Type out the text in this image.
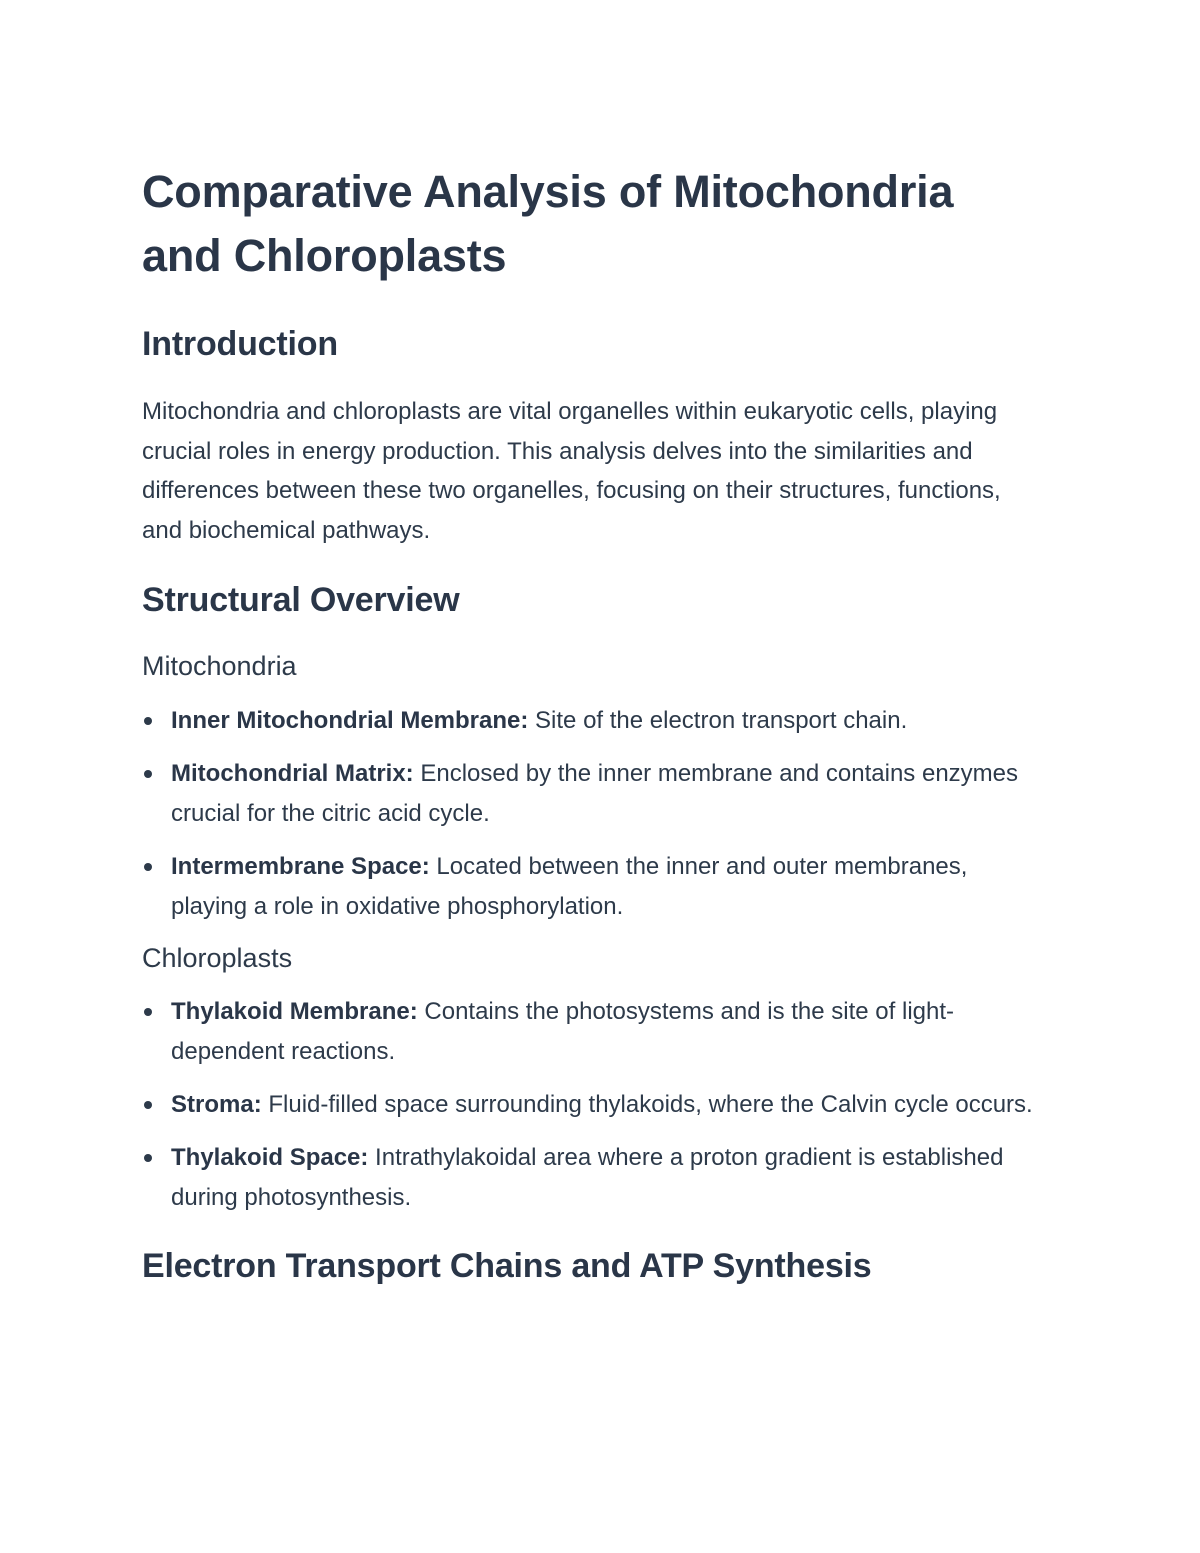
Comparative Analysis of Mitochondria and Chloroplasts
Introduction

Mitochondria and chloroplasts are vital organelles within eukaryotic cells, playing crucial roles in energy production. This analysis delves into the similarities and differences between these two organelles, focusing on their structures, functions, and biochemical pathways.

Structural Overview
Mitochondria
Inner Mitochondrial Membrane: Site of the electron transport chain.
Mitochondrial Matrix: Enclosed by the inner membrane and contains enzymes crucial for the citric acid cycle.
Intermembrane Space: Located between the inner and outer membranes, playing a role in oxidative phosphorylation.
Chloroplasts
Thylakoid Membrane: Contains the photosystems and is the site of light-dependent reactions.
Stroma: Fluid-filled space surrounding thylakoids, where the Calvin cycle occurs.
Thylakoid Space: Intrathylakoidal area where a proton gradient is established during photosynthesis.
Electron Transport Chains and ATP Synthesis
